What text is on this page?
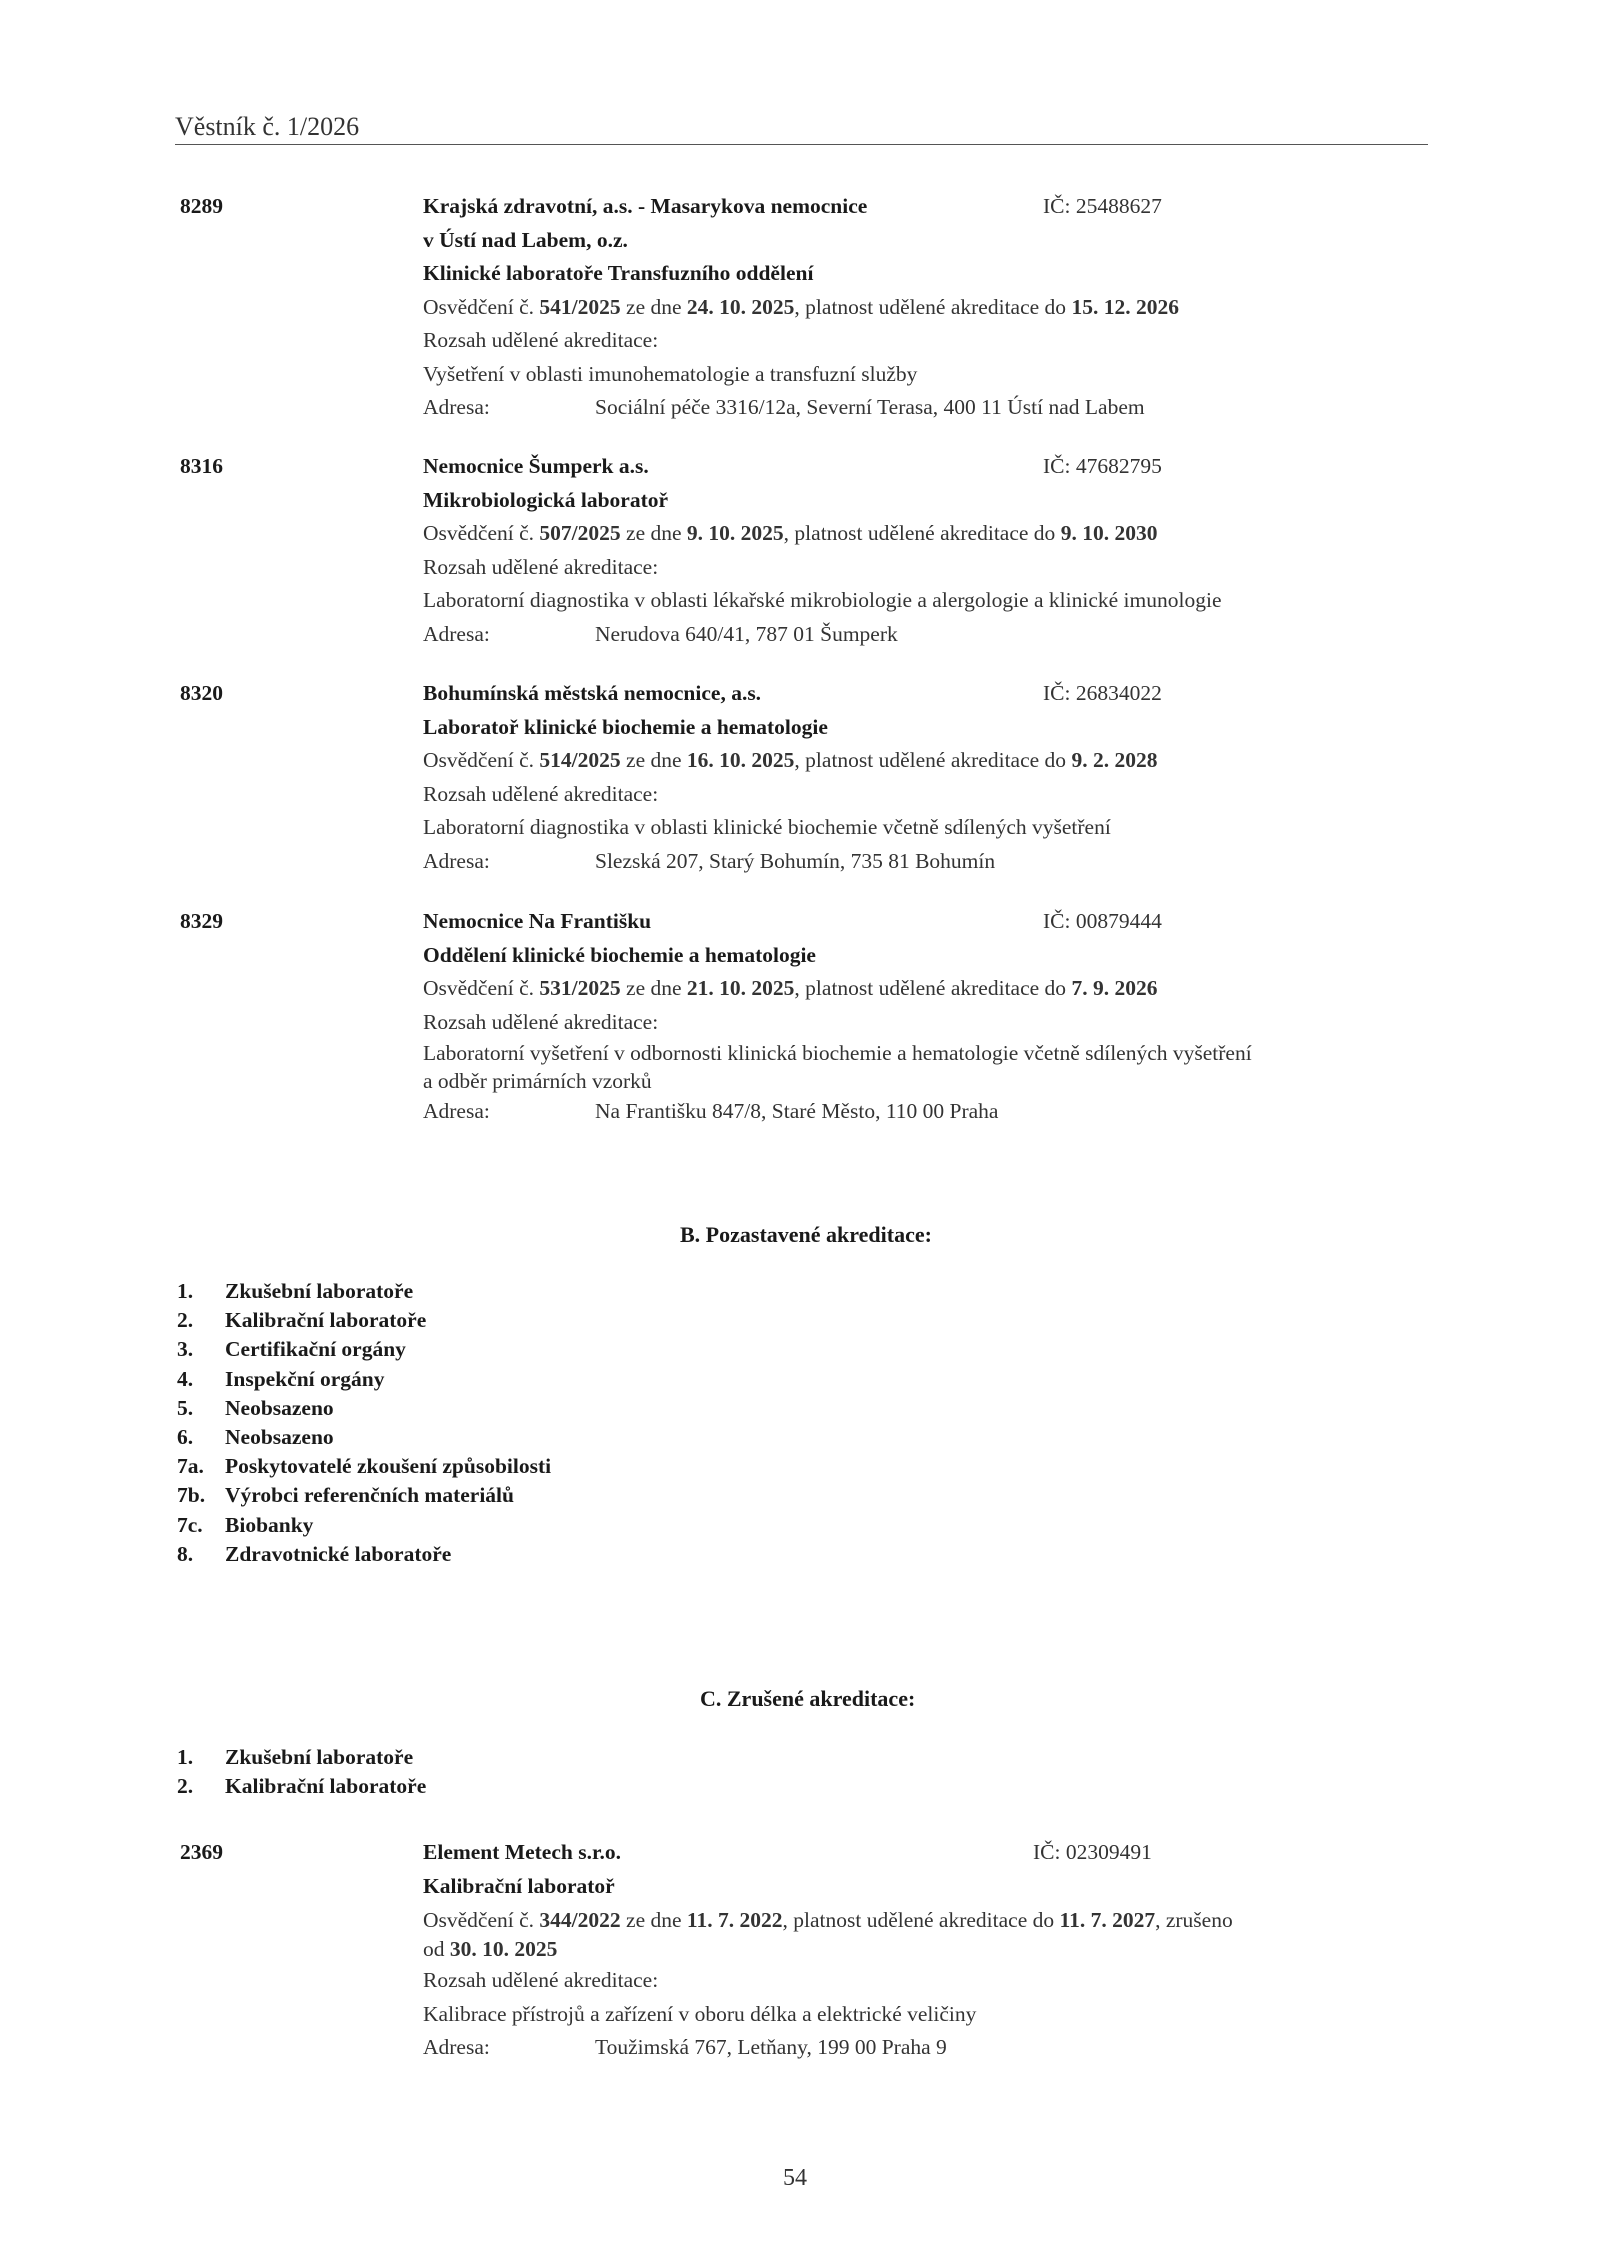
Věstník č. 1/2026
8289	Krajská zdravotní, a.s. - Masarykova nemocnice	IČ: 25488627
v Ústí nad Labem, o.z.
Klinické laboratoře Transfuzního oddělení
Osvědčení č. 541/2025 ze dne 24. 10. 2025, platnost udělené akreditace do 15. 12. 2026
Rozsah udělené akreditace:
Vyšetření v oblasti imunohematologie a transfuzní služby
Adresa:	Sociální péče 3316/12a, Severní Terasa, 400 11 Ústí nad Labem
8316	Nemocnice Šumperk a.s.	IČ: 47682795
Mikrobiologická laboratoř
Osvědčení č. 507/2025 ze dne 9. 10. 2025, platnost udělené akreditace do 9. 10. 2030
Rozsah udělené akreditace:
Laboratorní diagnostika v oblasti lékařské mikrobiologie a alergologie a klinické imunologie
Adresa:	Nerudova 640/41, 787 01 Šumperk
8320	Bohumínská městská nemocnice, a.s.	IČ: 26834022
Laboratoř klinické biochemie a hematologie
Osvědčení č. 514/2025 ze dne 16. 10. 2025, platnost udělené akreditace do 9. 2. 2028
Rozsah udělené akreditace:
Laboratorní diagnostika v oblasti klinické biochemie včetně sdílených vyšetření
Adresa:	Slezská 207, Starý Bohumín, 735 81 Bohumín
8329	Nemocnice Na Františku	IČ: 00879444
Oddělení klinické biochemie a hematologie
Osvědčení č. 531/2025 ze dne 21. 10. 2025, platnost udělené akreditace do 7. 9. 2026
Rozsah udělené akreditace:
Laboratorní vyšetření v odbornosti klinická biochemie a hematologie včetně sdílených vyšetření
a odběr primárních vzorků
Adresa:	Na Františku 847/8, Staré Město, 110 00 Praha
B. Pozastavené akreditace:
1. Zkušební laboratoře
2. Kalibrační laboratoře
3. Certifikační orgány
4. Inspekční orgány
5. Neobsazeno
6. Neobsazeno
7a. Poskytovatelé zkoušení způsobilosti
7b. Výrobci referenčních materiálů
7c. Biobanky
8. Zdravotnické laboratoře
C. Zrušené akreditace:
1. Zkušební laboratoře
2. Kalibrační laboratoře
2369	Element Metech s.r.o.	IČ: 02309491
Kalibrační laboratoř
Osvědčení č. 344/2022 ze dne 11. 7. 2022, platnost udělené akreditace do 11. 7. 2027, zrušeno
od 30. 10. 2025
Rozsah udělené akreditace:
Kalibrace přístrojů a zařízení v oboru délka a elektrické veličiny
Adresa:	Toužimská 767, Letňany, 199 00 Praha 9
54
